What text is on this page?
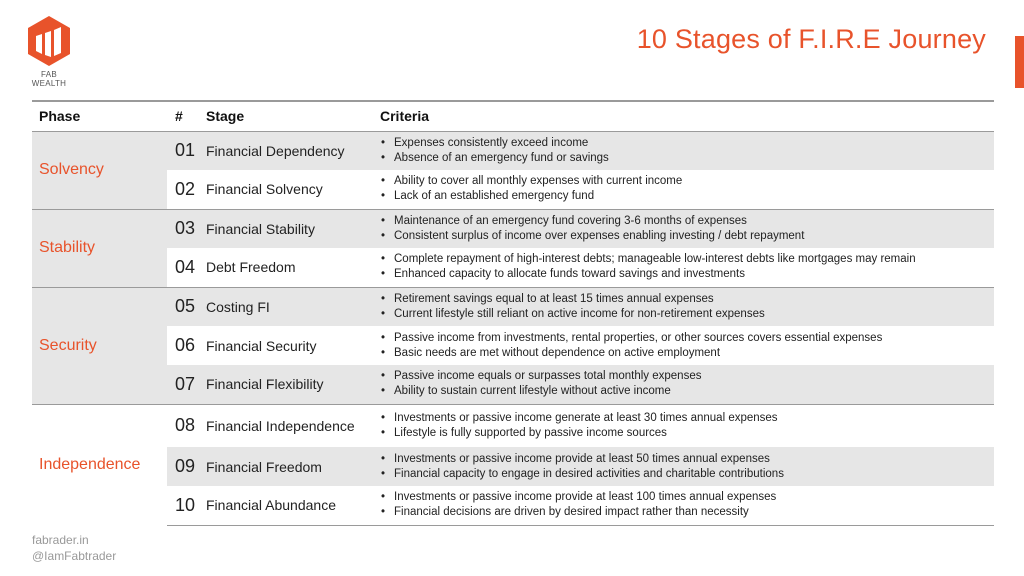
FAB
WEALTH
10 Stages of F.I.R.E Journey
Phase	#	Stage	Criteria
Solvency	01	Financial Dependency	• Expenses consistently exceed income
• Absence of an emergency fund or savings

	02	Financial Solvency	• Ability to cover all monthly expenses with current income
• Lack of an established emergency fund

Stability	03	Financial Stability	• Maintenance of an emergency fund covering 3-6 months of expenses
• Consistent surplus of income over expenses enabling investing / debt repayment

	04	Debt Freedom	• Complete repayment of high-interest debts; manageable low-interest debts like mortgages may remain
• Enhanced capacity to allocate funds toward savings and investments

Security	05	Costing FI	• Retirement savings equal to at least 15 times annual expenses
• Current lifestyle still reliant on active income for non-retirement expenses

	06	Financial Security	• Passive income from investments, rental properties, or other sources covers essential expenses
• Basic needs are met without dependence on active employment

	07	Financial Flexibility	• Passive income equals or surpasses total monthly expenses
• Ability to sustain current lifestyle without active income

Independence	08	Financial Independence	• Investments or passive income generate at least 30 times annual expenses
• Lifestyle is fully supported by passive income sources

	09	Financial Freedom	• Investments or passive income provide at least 50 times annual expenses
• Financial capacity to engage in desired activities and charitable contributions

	10	Financial Abundance	• Investments or passive income provide at least 100 times annual expenses
• Financial decisions are driven by desired impact rather than necessity
fabrader.in
@IamFabtrader
